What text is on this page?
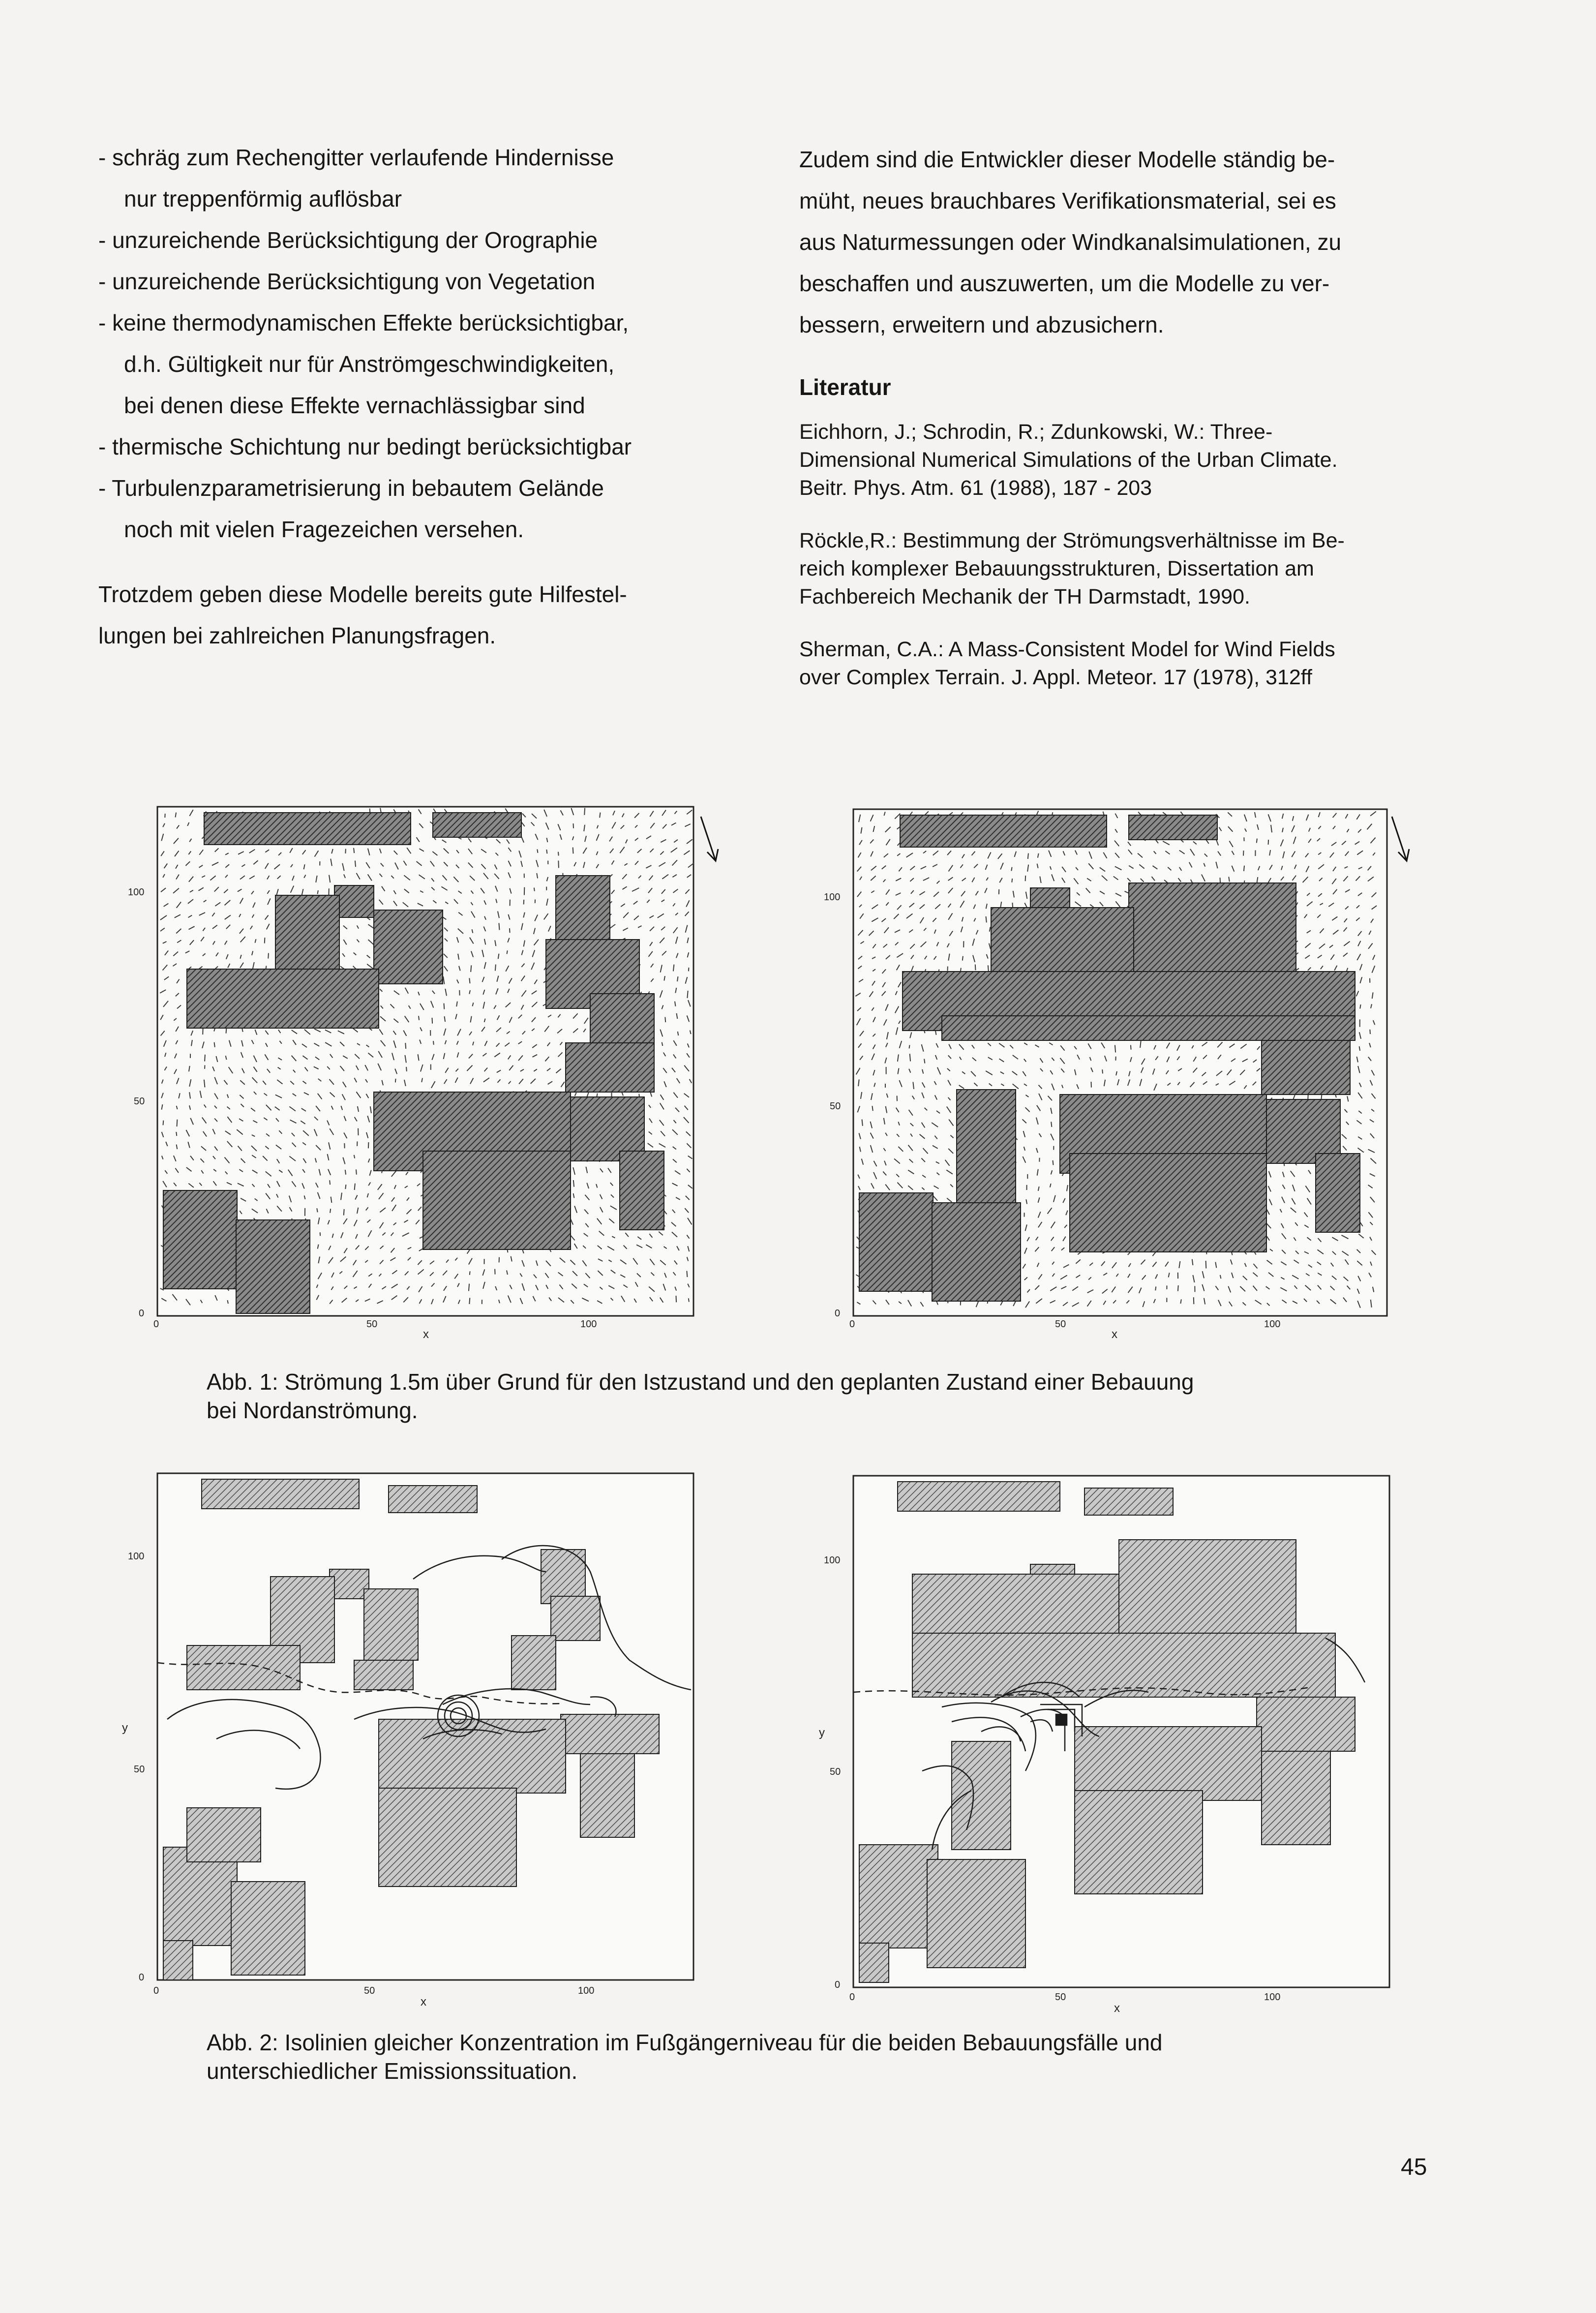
- schräg zum Rechengitter verlaufende Hindernisse
nur treppenförmig auflösbar
- unzureichende Berücksichtigung der Orographie
- unzureichende Berücksichtigung von Vegetation
- keine thermodynamischen Effekte berücksichtigbar,
d.h. Gültigkeit nur für Anströmgeschwindigkeiten,
bei denen diese Effekte vernachlässigbar sind
- thermische Schichtung nur bedingt berücksichtigbar
- Turbulenzparametrisierung in bebautem Gelände
noch mit vielen Fragezeichen versehen.
Trotzdem geben diese Modelle bereits gute Hilfestel-
lungen bei zahlreichen Planungsfragen.
Zudem sind die Entwickler dieser Modelle ständig be-
müht, neues brauchbares Verifikationsmaterial, sei es
aus Naturmessungen oder Windkanalsimulationen, zu
beschaffen und auszuwerten, um die Modelle zu ver-
bessern, erweitern und abzusichern.
Literatur
Eichhorn, J.; Schrodin, R.; Zdunkowski, W.: Three-
Dimensional Numerical Simulations of the Urban Climate.
Beitr. Phys. Atm. 61 (1988), 187 - 203
Röckle,R.: Bestimmung der Strömungsverhältnisse im Be-
reich komplexer Bebauungsstrukturen, Dissertation am
Fachbereich Mechanik der TH Darmstadt, 1990.
Sherman, C.A.: A Mass-Consistent Model for Wind Fields
over Complex Terrain. J. Appl. Meteor. 17 (1978), 312ff
0	50	100
0
50
100
x
0	50	100
0
50
100
x
Abb. 1: Strömung 1.5m über Grund für den Istzustand und den geplanten Zustand einer Bebauung
bei Nordanströmung.
0	50	100
0
50
100
x
y
0	50	100
0
50
100
x
y
Abb. 2: Isolinien gleicher Konzentration im Fußgängerniveau für die beiden Bebauungsfälle und
unterschiedlicher Emissionssituation.
45
